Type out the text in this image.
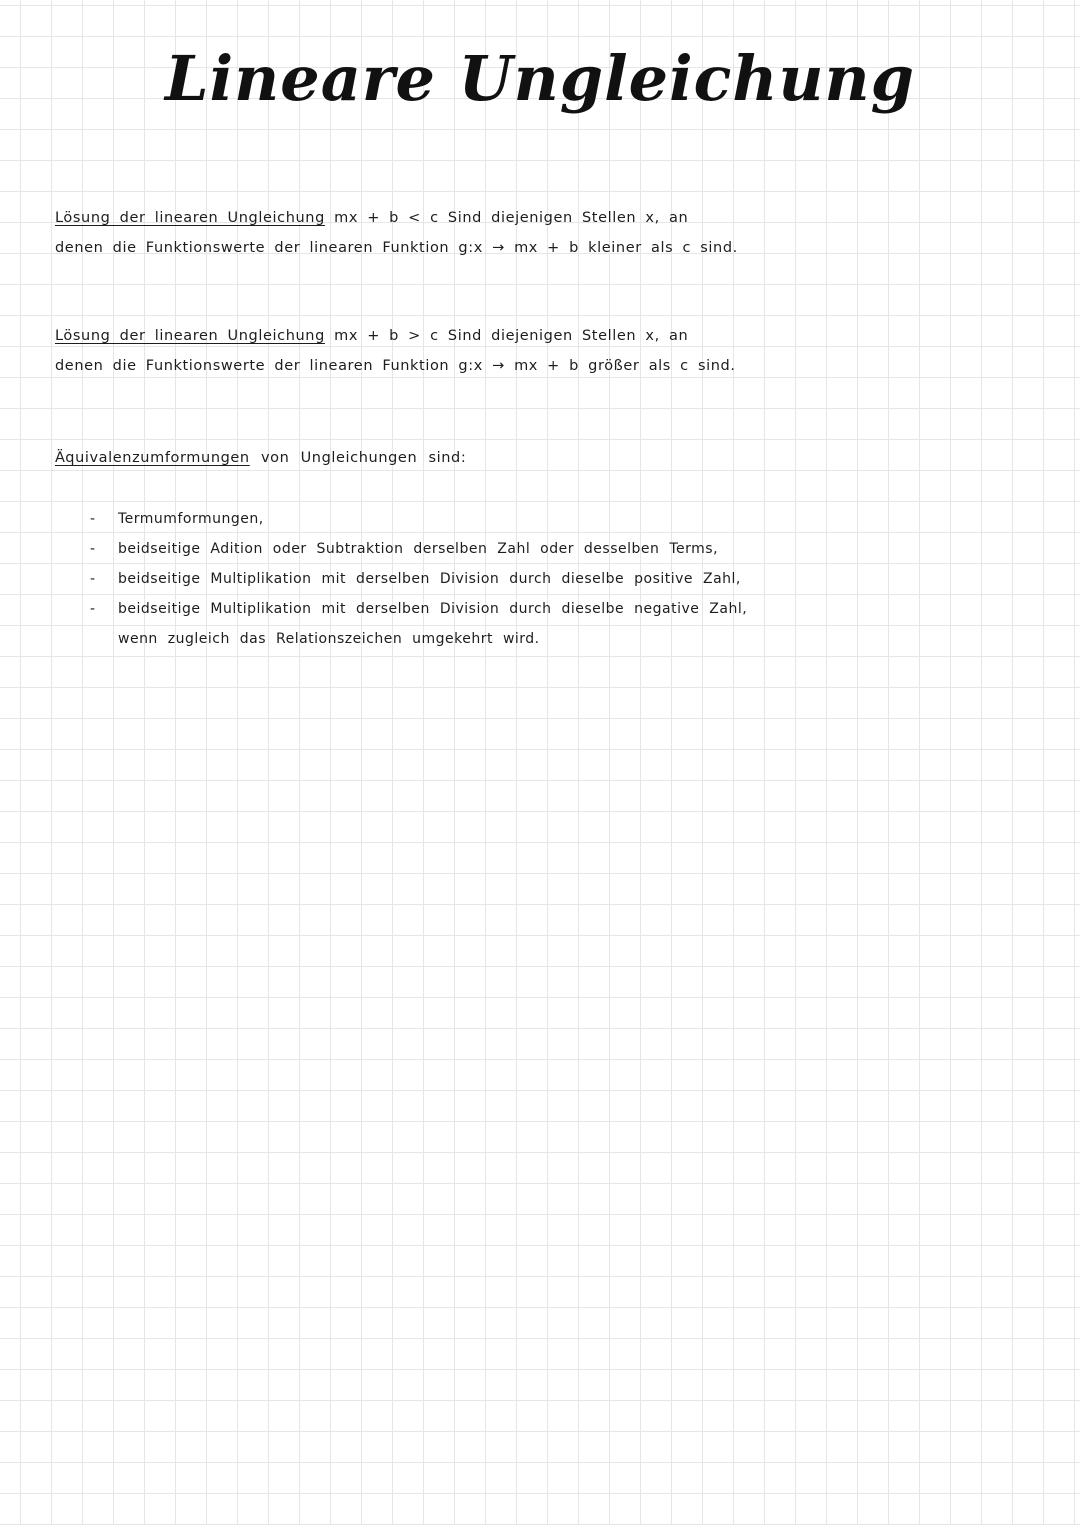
Lineare Ungleichung
Lösung der linearen Ungleichung mx + b < c Sind diejenigen Stellen x, an
denen die Funktionswerte der linearen Funktion g:x → mx + b kleiner als c sind.
Lösung der linearen Ungleichung mx + b > c Sind diejenigen Stellen x, an
denen die Funktionswerte der linearen Funktion g:x → mx + b größer als c sind.
Äquivalenzumformungen von Ungleichungen sind:
- Termumformungen,
- beidseitige Adition oder Subtraktion derselben Zahl oder desselben Terms,
- beidseitige Multiplikation mit derselben Division durch dieselbe positive Zahl,
- beidseitige Multiplikation mit derselben Division durch dieselbe negative Zahl,
wenn zugleich das Relationszeichen umgekehrt wird.
